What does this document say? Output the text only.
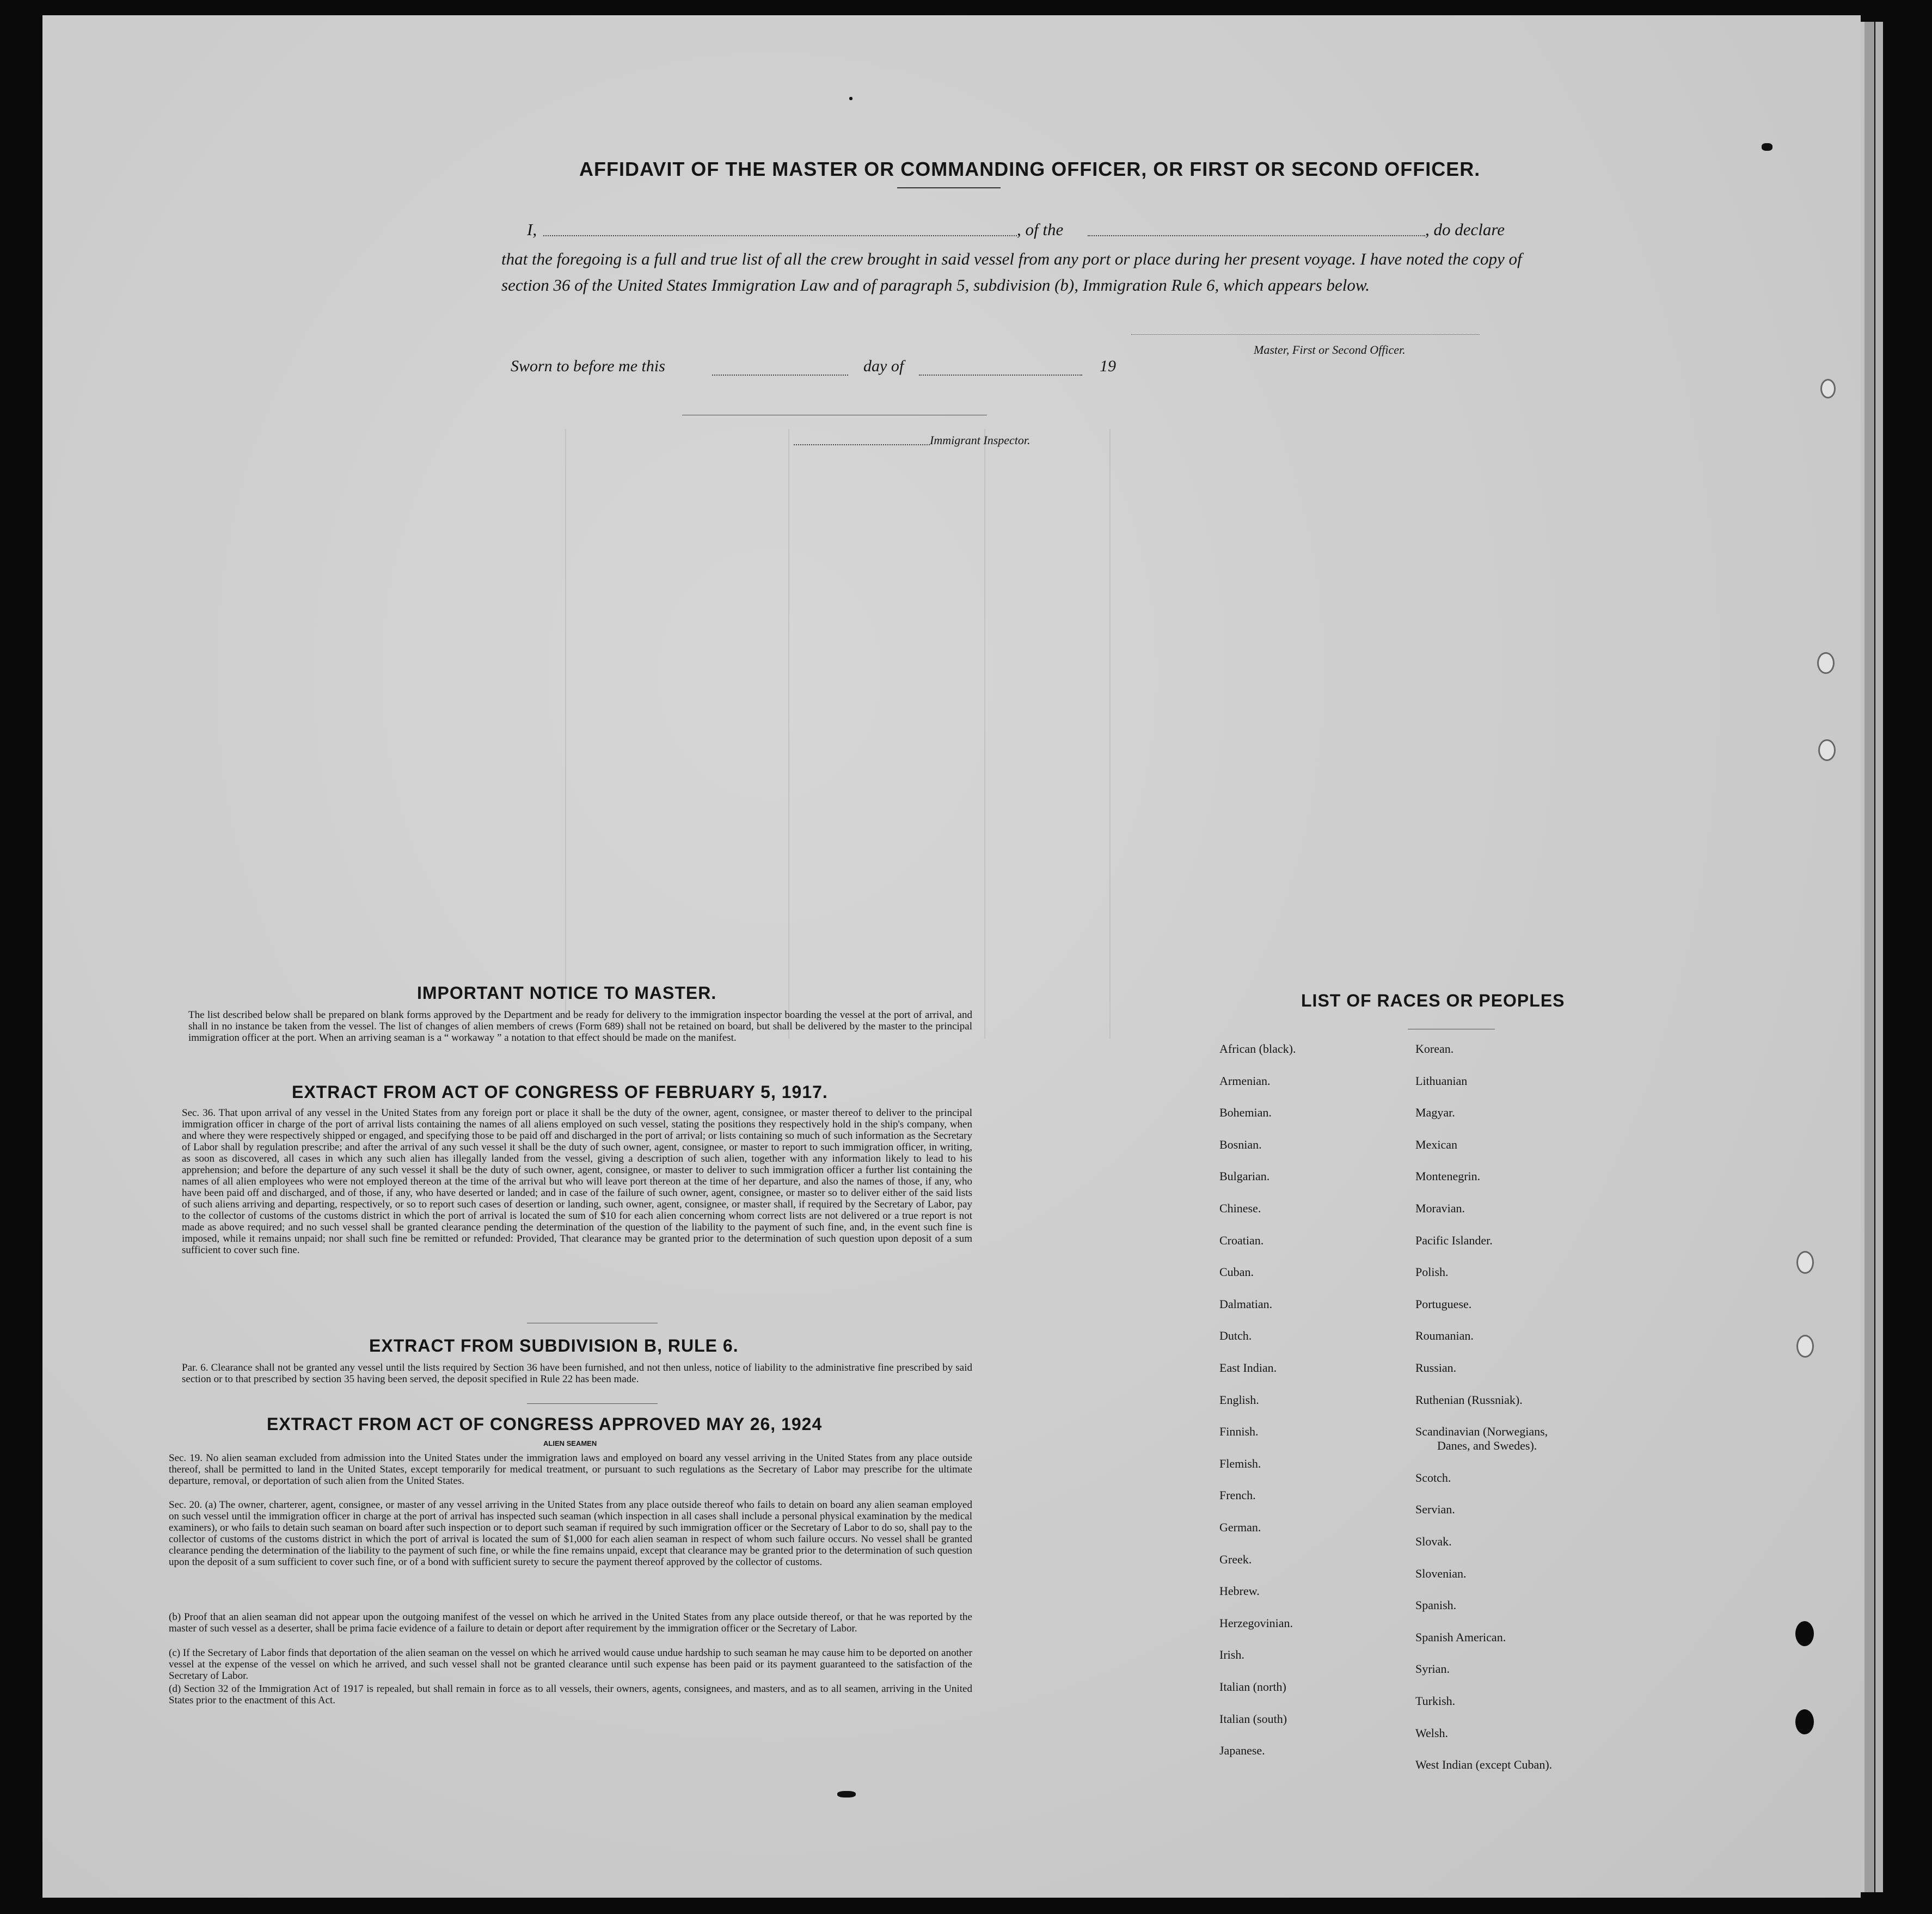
AFFIDAVIT OF THE MASTER OR COMMANDING OFFICER, OR FIRST OR SECOND OFFICER.
I,	, of the	, do declare
that the foregoing is a full and true list of all the crew brought in said vessel from any port or place during her present voyage. I have noted the copy of section 36 of the United States Immigration Law and of paragraph 5, subdivision (b), Immigration Rule 6, which appears below.
Master, First or Second Officer.
Sworn to before me this	day of	19
Immigrant Inspector.
IMPORTANT NOTICE TO MASTER.
The list described below shall be prepared on blank forms approved by the Department and be ready for delivery to the immigration inspector boarding the vessel at the port of arrival, and shall in no instance be taken from the vessel. The list of changes of alien members of crews (Form 689) shall not be retained on board, but shall be delivered by the master to the principal immigration officer at the port. When an arriving seaman is a “ workaway ” a notation to that effect should be made on the manifest.
EXTRACT FROM ACT OF CONGRESS OF FEBRUARY 5, 1917.
Sec. 36. That upon arrival of any vessel in the United States from any foreign port or place it shall be the duty of the owner, agent, consignee, or master thereof to deliver to the principal immigration officer in charge of the port of arrival lists containing the names of all aliens employed on such vessel, stating the positions they respectively hold in the ship's company, when and where they were respectively shipped or engaged, and specifying those to be paid off and discharged in the port of arrival; or lists containing so much of such information as the Secretary of Labor shall by regulation prescribe; and after the arrival of any such vessel it shall be the duty of such owner, agent, consignee, or master to report to such immigration officer, in writing, as soon as discovered, all cases in which any such alien has illegally landed from the vessel, giving a description of such alien, together with any information likely to lead to his apprehension; and before the departure of any such vessel it shall be the duty of such owner, agent, consignee, or master to deliver to such immigration officer a further list containing the names of all alien employees who were not employed thereon at the time of the arrival but who will leave port thereon at the time of her departure, and also the names of those, if any, who have been paid off and discharged, and of those, if any, who have deserted or landed; and in case of the failure of such owner, agent, consignee, or master so to deliver either of the said lists of such aliens arriving and departing, respectively, or so to report such cases of desertion or landing, such owner, agent, consignee, or master shall, if required by the Secretary of Labor, pay to the collector of customs of the customs district in which the port of arrival is located the sum of $10 for each alien concerning whom correct lists are not delivered or a true report is not made as above required; and no such vessel shall be granted clearance pending the determination of the question of the liability to the payment of such fine, and, in the event such fine is imposed, while it remains unpaid; nor shall such fine be remitted or refunded: Provided, That clearance may be granted prior to the determination of such question upon deposit of a sum sufficient to cover such fine.
EXTRACT FROM SUBDIVISION B, RULE 6.
Par. 6. Clearance shall not be granted any vessel until the lists required by Section 36 have been furnished, and not then unless, notice of liability to the administrative fine prescribed by said section or to that prescribed by section 35 having been served, the deposit specified in Rule 22 has been made.
EXTRACT FROM ACT OF CONGRESS APPROVED MAY 26, 1924
ALIEN SEAMEN
Sec. 19. No alien seaman excluded from admission into the United States under the immigration laws and employed on board any vessel arriving in the United States from any place outside thereof, shall be permitted to land in the United States, except temporarily for medical treatment, or pursuant to such regulations as the Secretary of Labor may prescribe for the ultimate departure, removal, or deportation of such alien from the United States.
Sec. 20. (a) The owner, charterer, agent, consignee, or master of any vessel arriving in the United States from any place outside thereof who fails to detain on board any alien seaman employed on such vessel until the immigration officer in charge at the port of arrival has inspected such seaman (which inspection in all cases shall include a personal physical examination by the medical examiners), or who fails to detain such seaman on board after such inspection or to deport such seaman if required by such immigration officer or the Secretary of Labor to do so, shall pay to the collector of customs of the customs district in which the port of arrival is located the sum of $1,000 for each alien seaman in respect of whom such failure occurs. No vessel shall be granted clearance pending the determination of the liability to the payment of such fine, or while the fine remains unpaid, except that clearance may be granted prior to the determination of such question upon the deposit of a sum sufficient to cover such fine, or of a bond with sufficient surety to secure the payment thereof approved by the collector of customs.
(b) Proof that an alien seaman did not appear upon the outgoing manifest of the vessel on which he arrived in the United States from any place outside thereof, or that he was reported by the master of such vessel as a deserter, shall be prima facie evidence of a failure to detain or deport after requirement by the immigration officer or the Secretary of Labor.
(c) If the Secretary of Labor finds that deportation of the alien seaman on the vessel on which he arrived would cause undue hardship to such seaman he may cause him to be deported on another vessel at the expense of the vessel on which he arrived, and such vessel shall not be granted clearance until such expense has been paid or its payment guaranteed to the satisfaction of the Secretary of Labor.
(d) Section 32 of the Immigration Act of 1917 is repealed, but shall remain in force as to all vessels, their owners, agents, consignees, and masters, and as to all seamen, arriving in the United States prior to the enactment of this Act.
LIST OF RACES OR PEOPLES
African (black).
Armenian.
Bohemian.
Bosnian.
Bulgarian.
Chinese.
Croatian.
Cuban.
Dalmatian.
Dutch.
East Indian.
English.
Finnish.
Flemish.
French.
German.
Greek.
Hebrew.
Herzegovinian.
Irish.
Italian (north)
Italian (south)
Japanese.
Korean.
Lithuanian
Magyar.
Mexican
Montenegrin.
Moravian.
Pacific Islander.
Polish.
Portuguese.
Roumanian.
Russian.
Ruthenian (Russniak).
Scandinavian (Norwegians,
Danes, and Swedes).
Scotch.
Servian.
Slovak.
Slovenian.
Spanish.
Spanish American.
Syrian.
Turkish.
Welsh.
West Indian (except Cuban).
